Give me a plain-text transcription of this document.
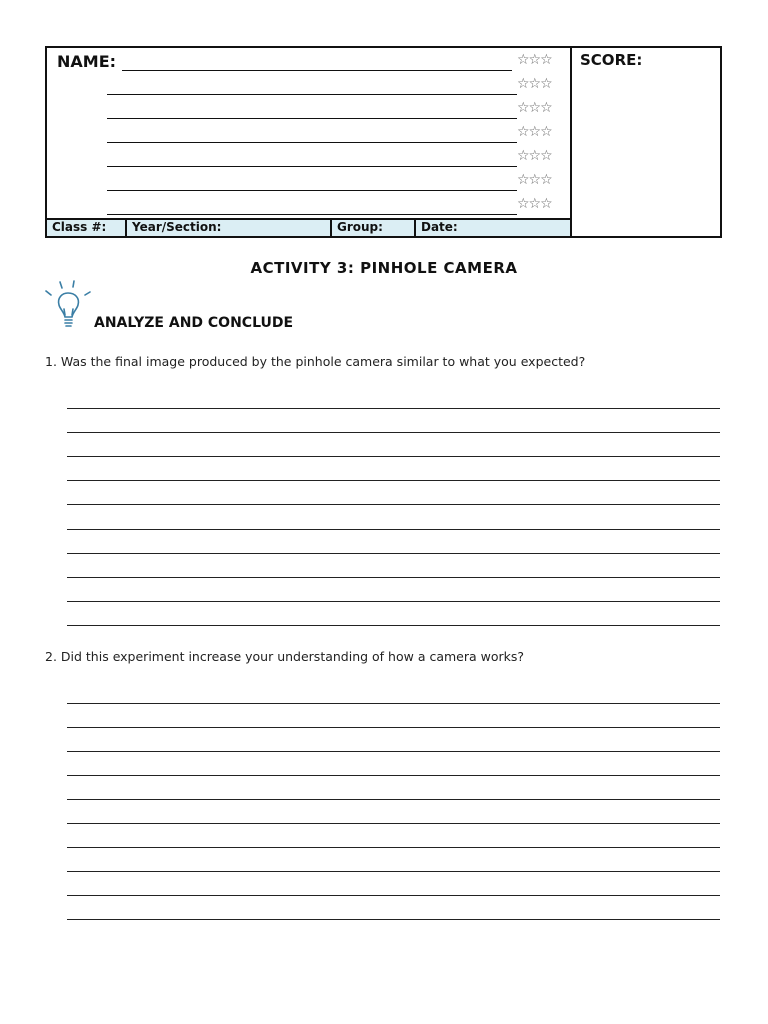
NAME:	☆☆☆
☆☆☆
☆☆☆
☆☆☆
☆☆☆
☆☆☆
☆☆☆
Class #:	Year/Section:	Group:	Date:
SCORE:
ACTIVITY 3: PINHOLE CAMERA
ANALYZE AND CONCLUDE
1. Was the final image produced by the pinhole camera similar to what you expected?
2. Did this experiment increase your understanding of how a camera works?
